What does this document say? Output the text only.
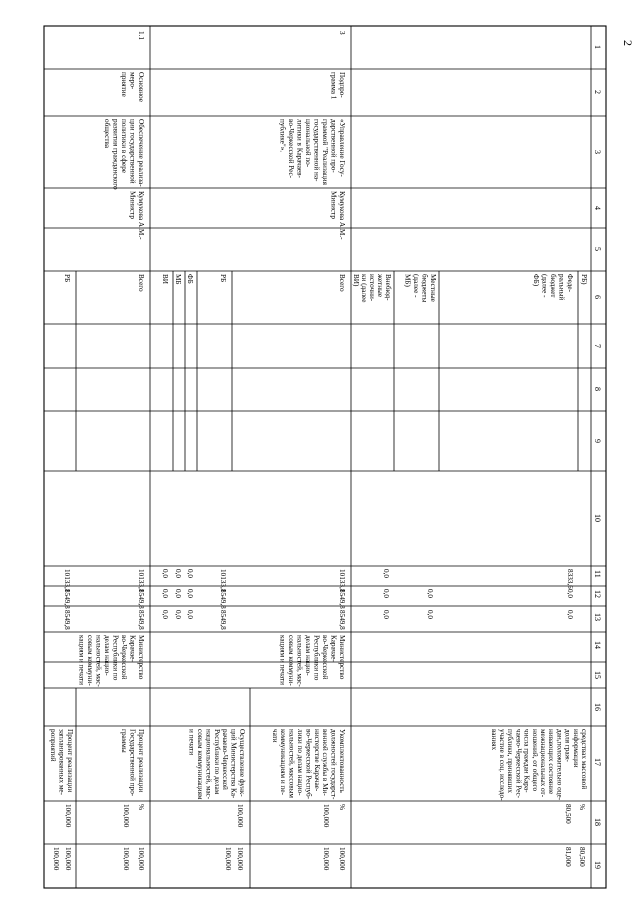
2
1
2
3
4
5
6
7
8
9
10
11
12
13
14
15
16
17
18
19
РБ)
Феде- ральный бюджет (далее - ФБ)
Местные бюджеты (далее - МБ)
Внебюд- жетные источни- ки (далее ВИ)
8333,6
0,0
0,0
0,0
0,0
0,0
0,0
0,0
средствах массовой информации доля граж- дан,положительно оце- нивающих состояние межнациональных от- ношений, от общего числа граждан Кара- чаево-Черкесской Рес- публики, принявших участие в соц. исследо- ваниях
%
80,500
80,500
81,000
3
Подпро- грамма 1
«Управление Госу- дарственной про- граммой "Реализация государственной на- циональной по- литики в Карачаев- во-Черкесской Рес- публике"».
Кумукова А.М.- Министр
Всего
РБ
ФБ
МБ
ВИ
10133,1
8549,8
8549,8
10133,1
8549,8
8549,8
0,0
0,0
0,0
0,0
0,0
0,0
0,0
0,0
0,0
Министерство Карачае- во-Черкесской Республики по делам нацио- нальностей, мас- совым коммуни- кациям и печати
Укомплектованность должностей государст- венной службы в Ми- нистерстве Карачае- во-Черкесской Респуб- лики по делам нацио- нальностей, массовым коммуникациям и пе- чати
Осуществление функ- ций Министерства Ка- рачаево-Черкесской Республики по делам национальностей, мас- совым коммуникациям и печати
%
100,000
100,000
100,000
100,000
100,000
100,000
1.1
Основное меро- приятие
Обеспечение реализа- ции государственной политики в сфере развития гражданского общества
Кумукова А.М.- Министр
Всего
РБ
10133,1
8549,8
8549,8
10133,1
8549,8
8549,8
Министерство Карачае- во-Черкесской Республики по делам нацио- нальностей, мас- совым коммуни- кациям и печати
Процент реализации Государственной про- граммы
Процент реализации запланированных ме- роприятий
%
100,000
100,000
100,000
100,000
100,000
100,000
